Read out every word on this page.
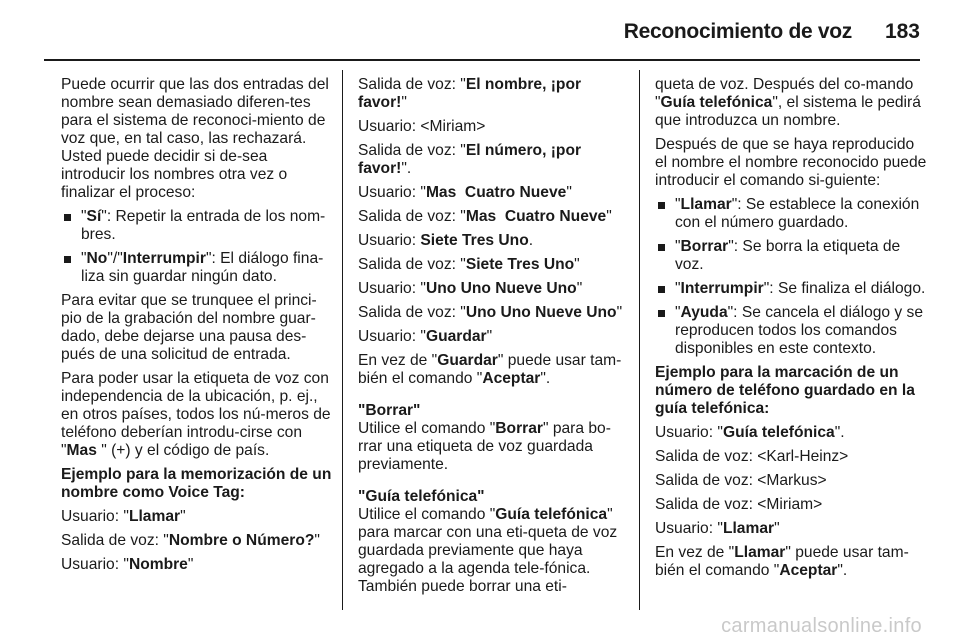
Reconocimiento de voz 183

Puede ocurrir que las dos entradas del nombre sean demasiado diferen-tes para el sistema de reconoci-miento de voz que, en tal caso, las rechazará. Usted puede decidir si de-sea introducir los nombres otra vez o finalizar el proceso:

"Sí": Repetir la entrada de los nom-bres.
"No"/"Interrumpir": El diálogo fina-liza sin guardar ningún dato.

Para evitar que se trunquee el princi-pio de la grabación del nombre guar-dado, debe dejarse una pausa des-pués de una solicitud de entrada.

Para poder usar la etiqueta de voz con independencia de la ubicación, p. ej., en otros países, todos los nú-meros de teléfono deberían introdu-cirse con "Mas " (+) y el código de país.

Ejemplo para la memorización de un nombre como Voice Tag:

Usuario: "Llamar"

Salida de voz: "Nombre o Número?"

Usuario: "Nombre"

Salida de voz: "El nombre, ¡por favor!"

Usuario: <Miriam>

Salida de voz: "El número, ¡por favor!".

Usuario: "Mas  Cuatro Nueve"

Salida de voz: "Mas  Cuatro Nueve"

Usuario: Siete Tres Uno.

Salida de voz: "Siete Tres Uno"

Usuario: "Uno Uno Nueve Uno"

Salida de voz: "Uno Uno Nueve Uno"

Usuario: "Guardar"

En vez de "Guardar" puede usar tam-bién el comando "Aceptar".

"Borrar"

Utilice el comando "Borrar" para bo-rrar una etiqueta de voz guardada previamente.

"Guía telefónica"

Utilice el comando "Guía telefónica" para marcar con una eti-queta de voz guardada previamente que haya agregado a la agenda tele-fónica. También puede borrar una eti-

queta de voz. Después del co-mando "Guía telefónica", el sistema le pedirá que introduzca un nombre.

Después de que se haya reproducido el nombre el nombre reconocido puede introducir el comando si-guiente:

"Llamar": Se establece la conexión con el número guardado.
"Borrar": Se borra la etiqueta de voz.
"Interrumpir": Se finaliza el diálogo.
"Ayuda": Se cancela el diálogo y se reproducen todos los comandos disponibles en este contexto.

Ejemplo para la marcación de un número de teléfono guardado en la guía telefónica:

Usuario: "Guía telefónica".

Salida de voz: <Karl-Heinz>

Salida de voz: <Markus>

Salida de voz: <Miriam>

Usuario: "Llamar"

En vez de "Llamar" puede usar tam-bién el comando "Aceptar".

carmanualsonline.info
